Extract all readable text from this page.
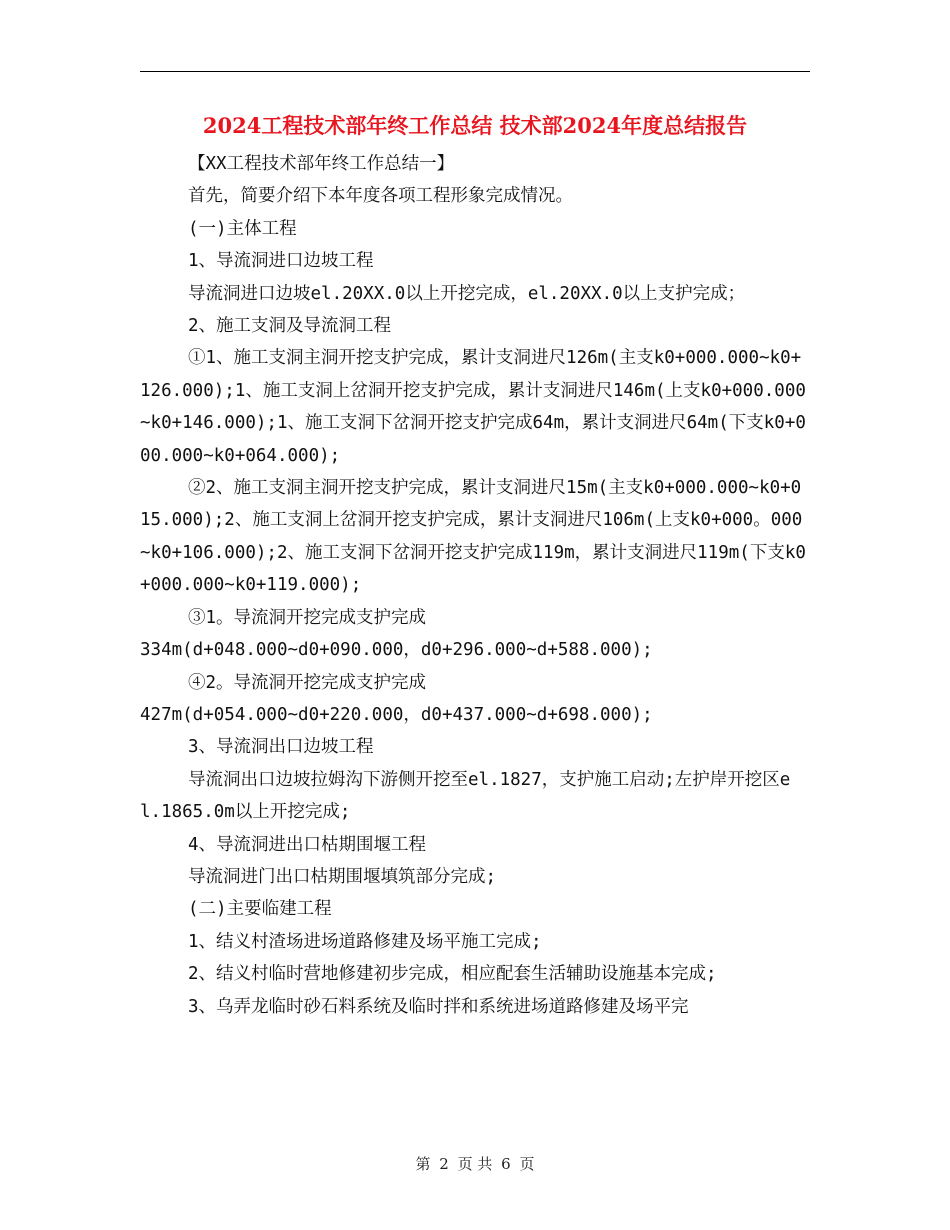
2024工程技术部年终工作总结 技术部2024年度总结报告

【XX工程技术部年终工作总结一】

首先，简要介绍下本年度各项工程形象完成情况。

(一)主体工程

1、导流洞进口边坡工程

导流洞进口边坡el.20XX.0以上开挖完成，el.20XX.0以上支护完成；

2、施工支洞及导流洞工程

①1、施工支洞主洞开挖支护完成，累计支洞进尺126m(主支k0+000.000~k0+126.000);1、施工支洞上岔洞开挖支护完成，累计支洞进尺146m(上支k0+000.000~k0+146.000);1、施工支洞下岔洞开挖支护完成64m，累计支洞进尺64m(下支k0+000.000~k0+064.000);

②2、施工支洞主洞开挖支护完成，累计支洞进尺15m(主支k0+000.000~k0+015.000);2、施工支洞上岔洞开挖支护完成，累计支洞进尺106m(上支k0+000。000~k0+106.000);2、施工支洞下岔洞开挖支护完成119m，累计支洞进尺119m(下支k0+000.000~k0+119.000);

③1。导流洞开挖完成支护完成

334m(d+048.000~d0+090.000，d0+296.000~d+588.000);

④2。导流洞开挖完成支护完成

427m(d+054.000~d0+220.000，d0+437.000~d+698.000);

3、导流洞出口边坡工程

导流洞出口边坡拉姆沟下游侧开挖至el.1827，支护施工启动;左护岸开挖区el.1865.0m以上开挖完成;

4、导流洞进出口枯期围堰工程

导流洞进门出口枯期围堰填筑部分完成;

(二)主要临建工程

1、结义村渣场进场道路修建及场平施工完成;

2、结义村临时营地修建初步完成，相应配套生活辅助设施基本完成;

3、乌弄龙临时砂石料系统及临时拌和系统进场道路修建及场平完

第 2 页 共 6 页
